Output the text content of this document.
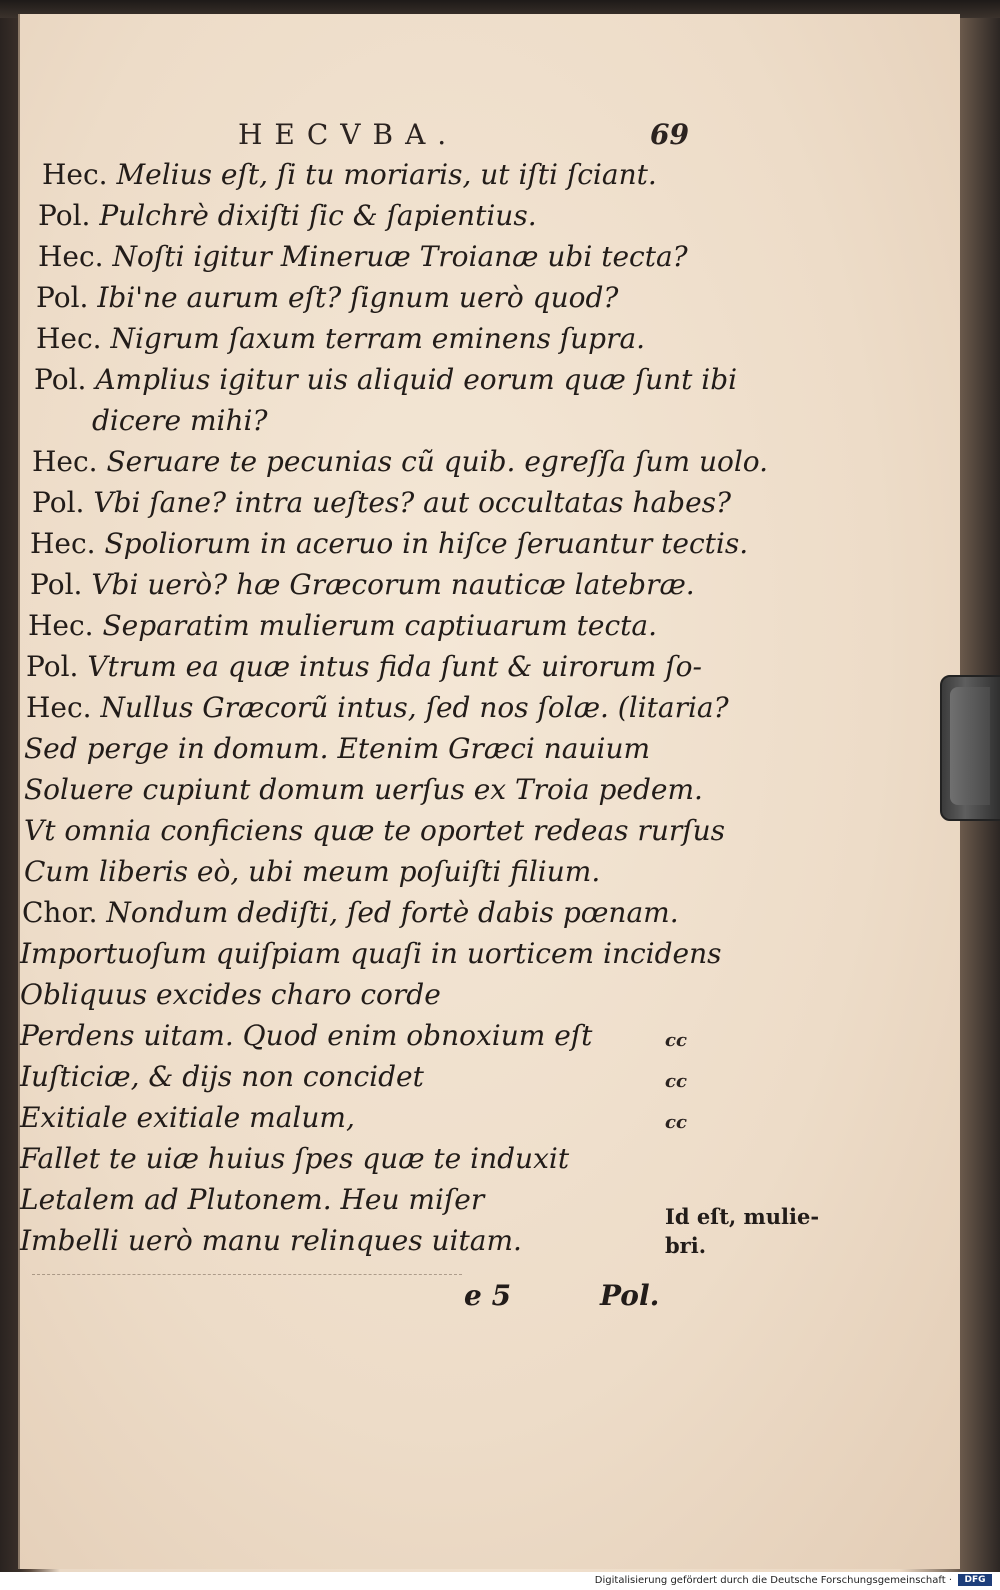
HECVBA.	69
Hec. Melius eſt, ſi tu moriaris, ut iſti ſciant.
Pol. Pulchrè dixiſti ſic & ſapientius.
Hec. Noſti igitur Mineruæ Troianæ ubi tecta?
Pol. Ibi'ne aurum eſt? ſignum uerò quod?
Hec. Nigrum ſaxum terram eminens ſupra.
Pol. Amplius igitur uis aliquid eorum quæ ſunt ibi
dicere mihi?
Hec. Seruare te pecunias cũ quib. egreſſa ſum uolo.
Pol. Vbi ſane? intra ueſtes? aut occultatas habes?
Hec. Spoliorum in aceruo in hiſce ſeruantur tectis.
Pol. Vbi uerò? hæ Græcorum nauticæ latebræ.
Hec. Separatim mulierum captiuarum tecta.
Pol. Vtrum ea quæ intus fida ſunt & uirorum ſo-
Hec. Nullus Græcorũ intus, ſed nos ſolæ. (litaria?
Sed perge in domum. Etenim Græci nauium
Soluere cupiunt domum uerſus ex Troia pedem.
Vt omnia conficiens quæ te oportet redeas rurſus
Cum liberis eò, ubi meum poſuiſti filium.
Chor. Nondum dediſti, ſed fortè dabis pœnam.
Importuoſum quiſpiam quaſi in uorticem incidens
Obliquus excides charo corde
Perdens uitam. Quod enim obnoxium eſt
Iuſticiæ, & dijs non concidet
Exitiale exitiale malum,
Fallet te uiæ huius ſpes quæ te induxit
Letalem ad Plutonem. Heu miſer
Imbelli uerò manu relinques uitam.
cc
cc
cc
Id eſt, mulie-
bri.
e 5	Pol.
Digitalisierung gefördert durch die Deutsche Forschungsgemeinschaft ·	DFG
